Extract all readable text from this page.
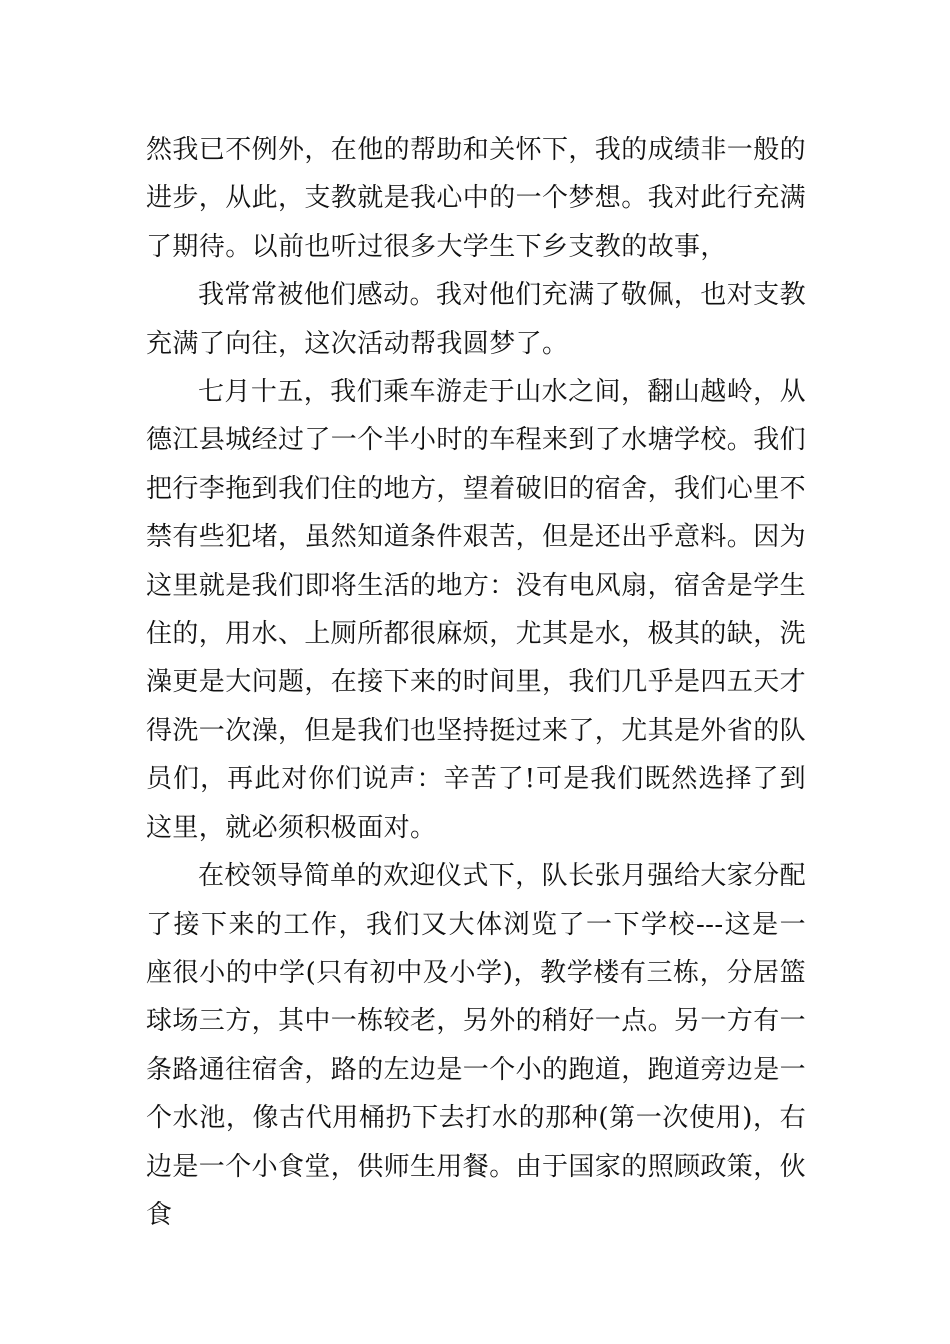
然我已不例外，在他的帮助和关怀下，我的成绩非一般的进步，从此，支教就是我心中的一个梦想。我对此行充满了期待。以前也听过很多大学生下乡支教的故事，

我常常被他们感动。我对他们充满了敬佩，也对支教充满了向往，这次活动帮我圆梦了。

七月十五，我们乘车游走于山水之间，翻山越岭，从德江县城经过了一个半小时的车程来到了水塘学校。我们把行李拖到我们住的地方，望着破旧的宿舍，我们心里不禁有些犯堵，虽然知道条件艰苦，但是还出乎意料。因为这里就是我们即将生活的地方：没有电风扇，宿舍是学生住的，用水、上厕所都很麻烦，尤其是水，极其的缺，洗澡更是大问题，在接下来的时间里，我们几乎是四五天才得洗一次澡，但是我们也坚持挺过来了，尤其是外省的队员们，再此对你们说声：辛苦了!可是我们既然选择了到这里，就必须积极面对。

在校领导简单的欢迎仪式下，队长张月强给大家分配了接下来的工作，我们又大体浏览了一下学校---这是一座很小的中学(只有初中及小学)，教学楼有三栋，分居篮球场三方，其中一栋较老，另外的稍好一点。另一方有一条路通往宿舍，路的左边是一个小的跑道，跑道旁边是一个水池，像古代用桶扔下去打水的那种(第一次使用)，右边是一个小食堂，供师生用餐。由于国家的照顾政策，伙食
